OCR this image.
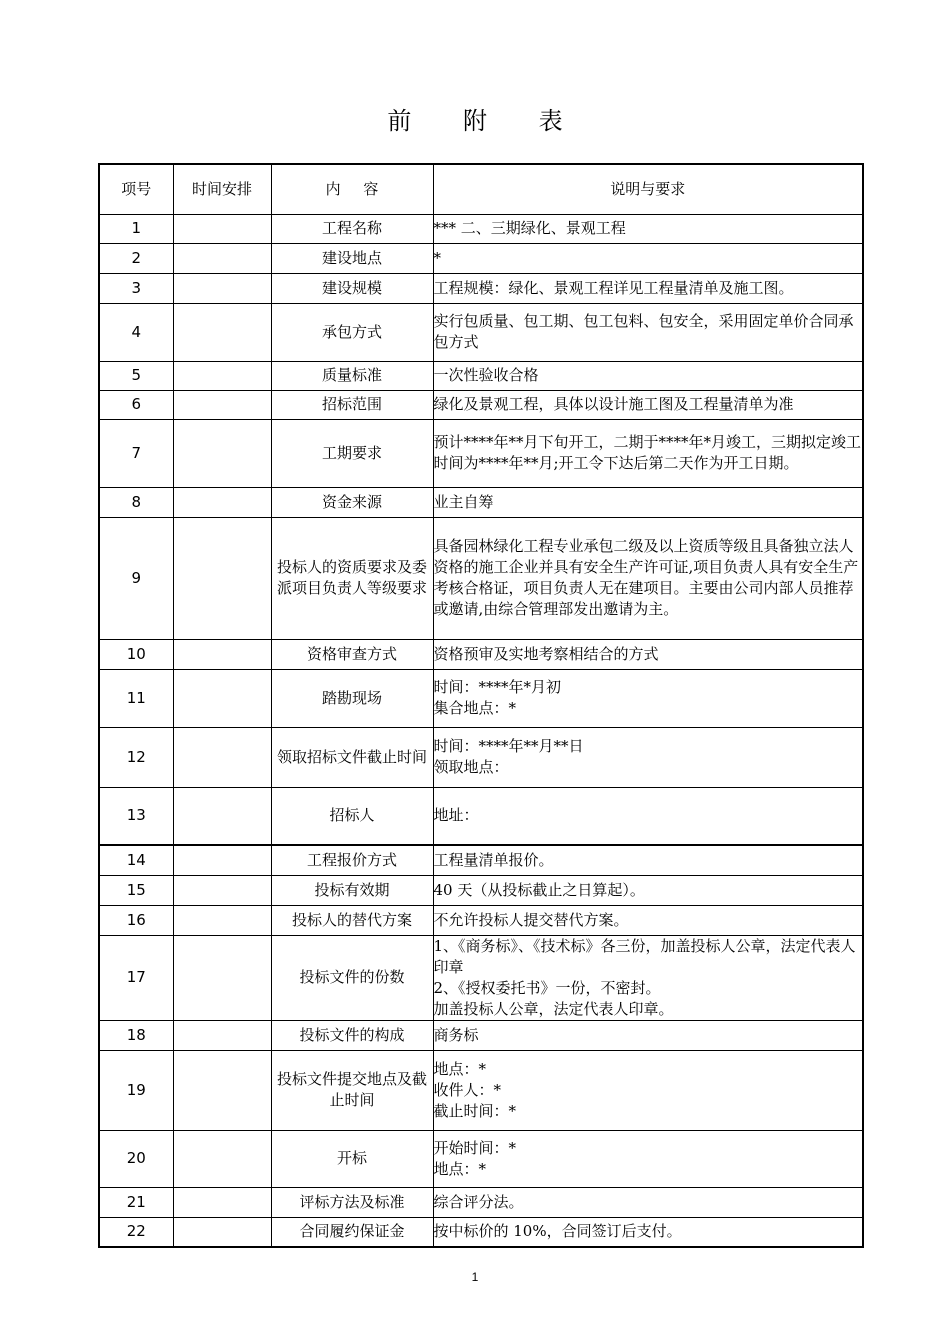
前 附 表
项号	时间安排	内 容	说明与要求
1		工程名称	*** 二、三期绿化、景观工程

2		建设地点	*

3		建设规模	工程规模：绿化、景观工程详见工程量清单及施工图。

4		承包方式	实行包质量、包工期、包工包料、包安全，采用固定单价合同承包方式

5		质量标准	一次性验收合格

6		招标范围	绿化及景观工程，具体以设计施工图及工程量清单为准

7		工期要求	预计****年**月下旬开工，二期于****年*月竣工，三期拟定竣工时间为****年**月;开工令下达后第二天作为开工日期。

8		资金来源	业主自筹

9		投标人的资质要求及委派项目负责人等级要求	具备园林绿化工程专业承包二级及以上资质等级且具备独立法人资格的施工企业并具有安全生产许可证,项目负责人具有安全生产考核合格证，项目负责人无在建项目。主要由公司内部人员推荐或邀请,由综合管理部发出邀请为主。

10		资格审查方式	资格预审及实地考察相结合的方式

11		踏勘现场	时间：****年*月初
集合地点：*

12		领取招标文件截止时间	时间：****年**月**日
领取地点：

13		招标人	地址：

14		工程报价方式	工程量清单报价。

15		投标有效期	40 天（从投标截止之日算起）。

16		投标人的替代方案	不允许投标人提交替代方案。

17		投标文件的份数	1、《商务标》、《技术标》各三份，加盖投标人公章，法定代表人印章
2、《授权委托书》一份，不密封。
加盖投标人公章，法定代表人印章。

18		投标文件的构成	商务标

19		投标文件提交地点及截止时间	地点：*
收件人：*
截止时间：*

20		开标	开始时间：*
地点：*

21		评标方法及标准	综合评分法。

22		合同履约保证金	按中标价的 10%，合同签订后支付。
1
